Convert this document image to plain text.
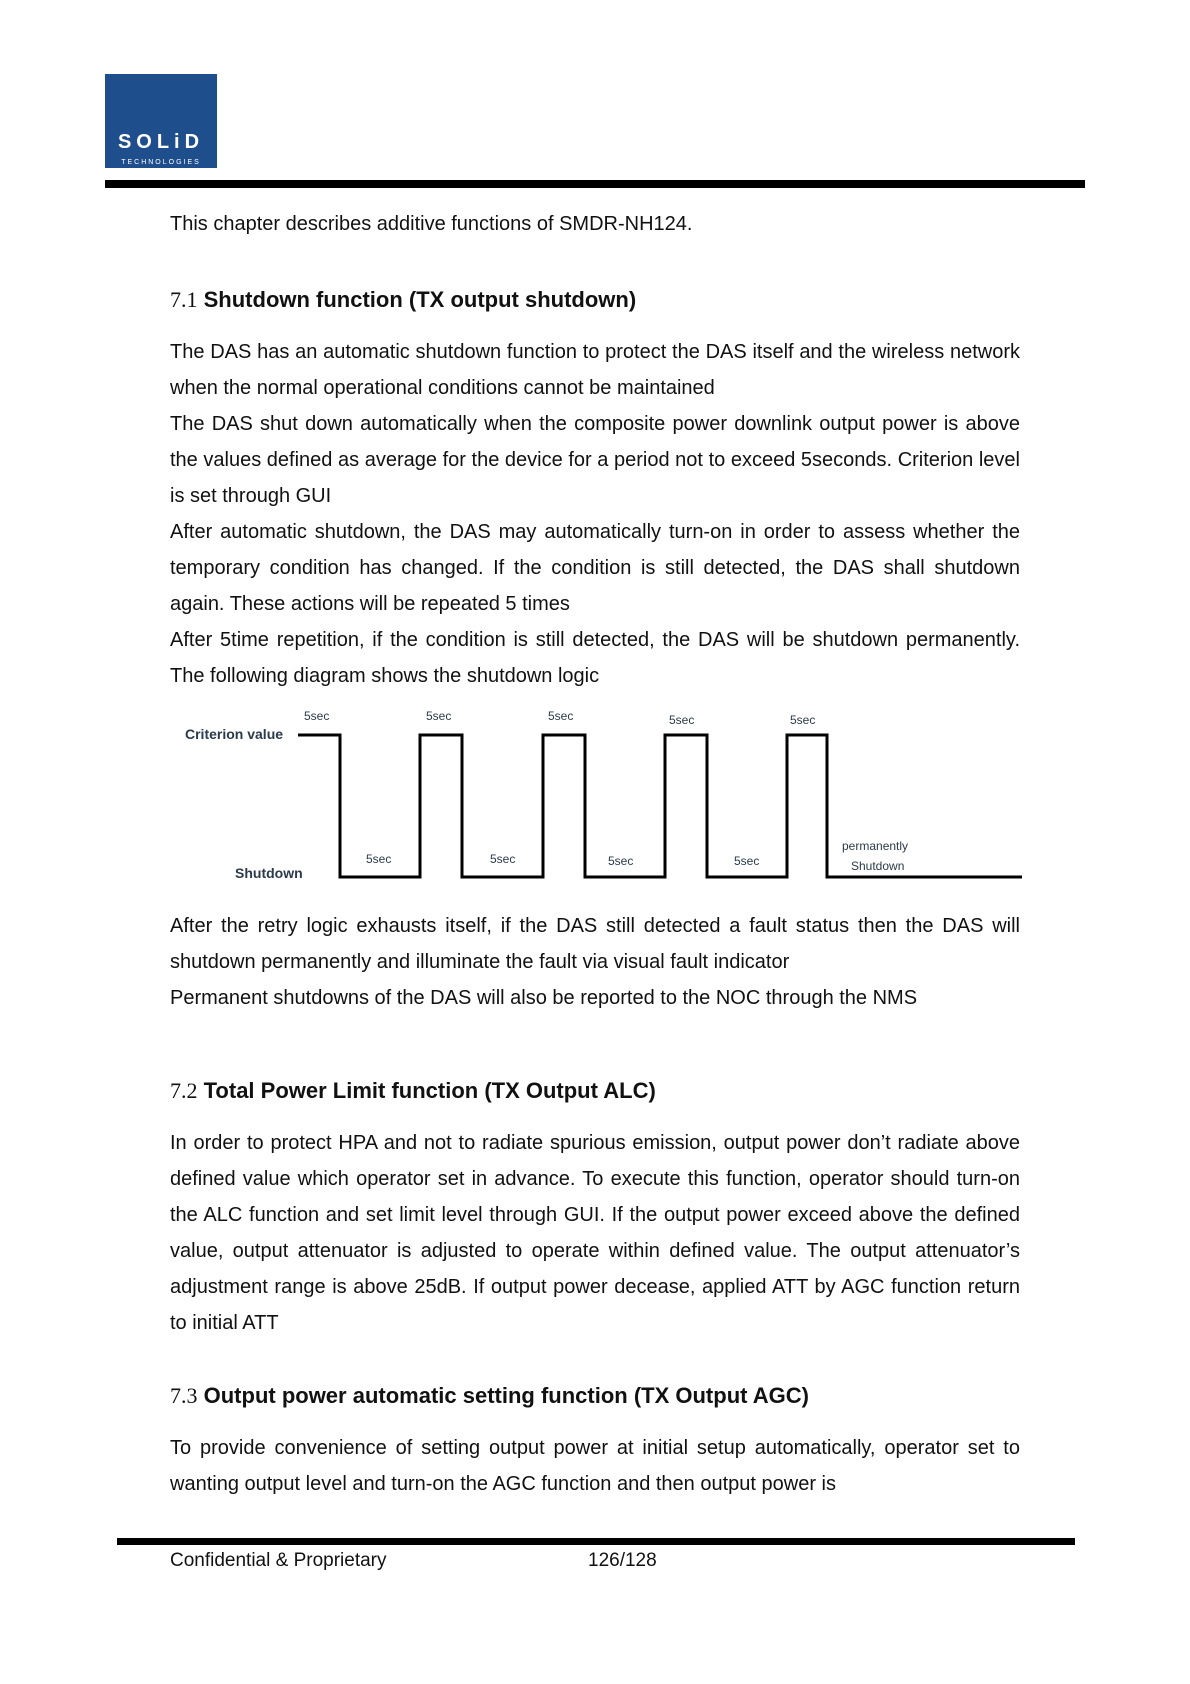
SOLiD
TECHNOLOGIES
This chapter describes additive functions of SMDR-NH124.
7.1 Shutdown function (TX output shutdown)

The DAS has an automatic shutdown function to protect the DAS itself and the wireless network when the normal operational conditions cannot be maintained

The DAS shut down automatically when the composite power downlink output power is above the values defined as average for the device for a period not to exceed 5seconds. Criterion level is set through GUI

After automatic shutdown, the DAS may automatically turn-on in order to assess whether the temporary condition has changed. If the condition is still detected, the DAS shall shutdown again. These actions will be repeated 5 times

After 5time repetition, if the condition is still detected, the DAS will be shutdown permanently. The following diagram shows the shutdown logic

Criterion value
Shutdown
5sec	5sec	5sec	5sec	5sec
5sec	5sec	5sec	5sec
permanently
Shutdown

After the retry logic exhausts itself, if the DAS still detected a fault status then the DAS will shutdown permanently and illuminate the fault via visual fault indicator

Permanent shutdowns of the DAS will also be reported to the NOC through the NMS

7.2 Total Power Limit function (TX Output ALC)

In order to protect HPA and not to radiate spurious emission, output power don’t radiate above defined value which operator set in advance. To execute this function, operator should turn-on the ALC function and set limit level through GUI. If the output power exceed above the defined value, output attenuator is adjusted to operate within defined value. The output attenuator’s adjustment range is above 25dB. If output power decease, applied ATT by AGC function return to initial ATT

7.3 Output power automatic setting function (TX Output AGC)

To provide convenience of setting output power at initial setup automatically, operator set to wanting output level and turn-on the AGC function and then output power is

Confidential & Proprietary	126/128
